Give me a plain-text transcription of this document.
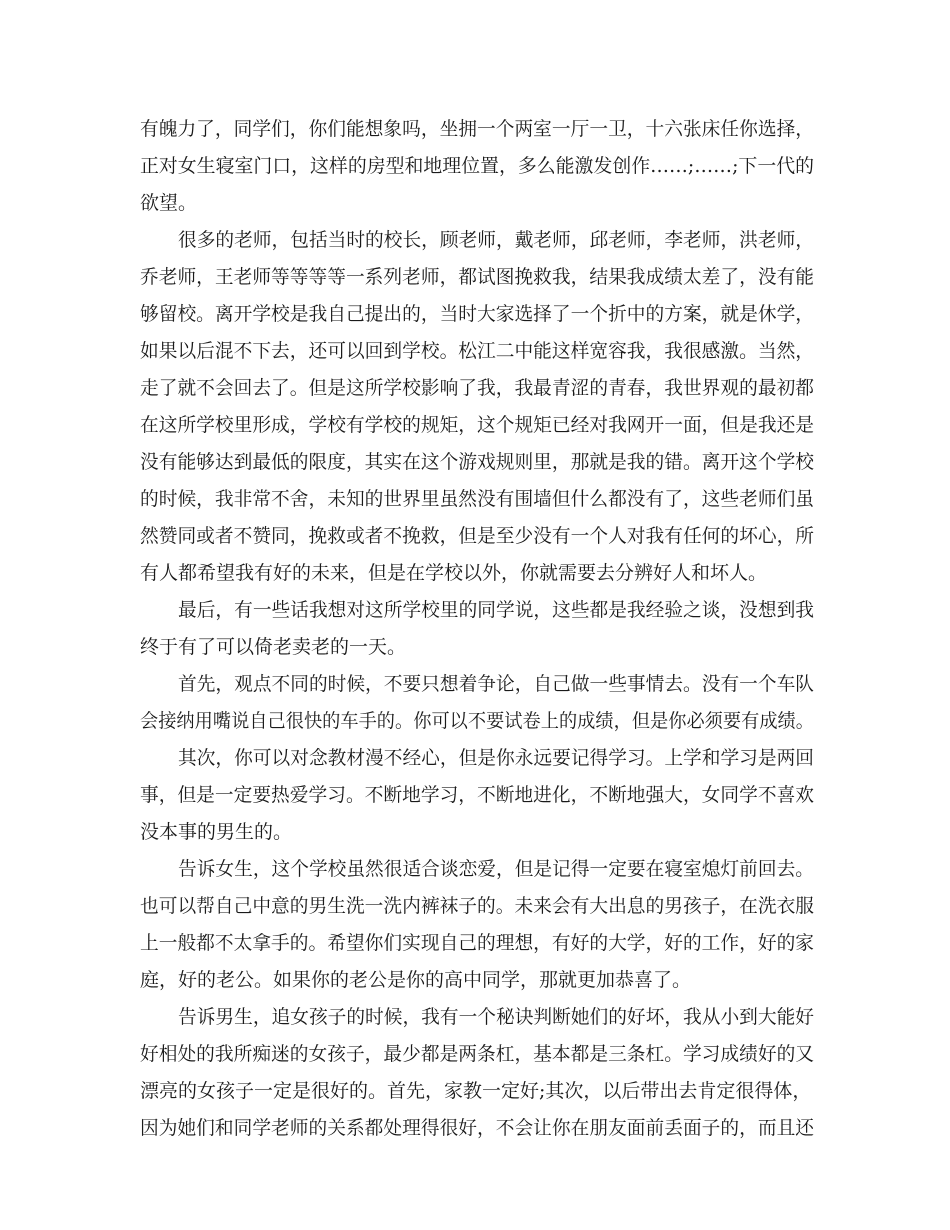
有魄力了，同学们，你们能想象吗，坐拥一个两室一厅一卫，十六张床任你选择，
正对女生寝室门口，这样的房型和地理位置，多么能激发创作……;……;下一代的
欲望。
很多的老师，包括当时的校长，顾老师，戴老师，邱老师，李老师，洪老师，
乔老师，王老师等等等等一系列老师，都试图挽救我，结果我成绩太差了，没有能
够留校。离开学校是我自己提出的，当时大家选择了一个折中的方案，就是休学，
如果以后混不下去，还可以回到学校。松江二中能这样宽容我，我很感激。当然，
走了就不会回去了。但是这所学校影响了我，我最青涩的青春，我世界观的最初都
在这所学校里形成，学校有学校的规矩，这个规矩已经对我网开一面，但是我还是
没有能够达到最低的限度，其实在这个游戏规则里，那就是我的错。离开这个学校
的时候，我非常不舍，未知的世界里虽然没有围墙但什么都没有了，这些老师们虽
然赞同或者不赞同，挽救或者不挽救，但是至少没有一个人对我有任何的坏心，所
有人都希望我有好的未来，但是在学校以外，你就需要去分辨好人和坏人。
最后，有一些话我想对这所学校里的同学说，这些都是我经验之谈，没想到我
终于有了可以倚老卖老的一天。
首先，观点不同的时候，不要只想着争论，自己做一些事情去。没有一个车队
会接纳用嘴说自己很快的车手的。你可以不要试卷上的成绩，但是你必须要有成绩。
其次，你可以对念教材漫不经心，但是你永远要记得学习。上学和学习是两回
事，但是一定要热爱学习。不断地学习，不断地进化，不断地强大，女同学不喜欢
没本事的男生的。
告诉女生，这个学校虽然很适合谈恋爱，但是记得一定要在寝室熄灯前回去。
也可以帮自己中意的男生洗一洗内裤袜子的。未来会有大出息的男孩子，在洗衣服
上一般都不太拿手的。希望你们实现自己的理想，有好的大学，好的工作，好的家
庭，好的老公。如果你的老公是你的高中同学，那就更加恭喜了。
告诉男生，追女孩子的时候，我有一个秘诀判断她们的好坏，我从小到大能好
好相处的我所痴迷的女孩子，最少都是两条杠，基本都是三条杠。学习成绩好的又
漂亮的女孩子一定是很好的。首先，家教一定好;其次，以后带出去肯定很得体，
因为她们和同学老师的关系都处理得很好，不会让你在朋友面前丢面子的，而且还
